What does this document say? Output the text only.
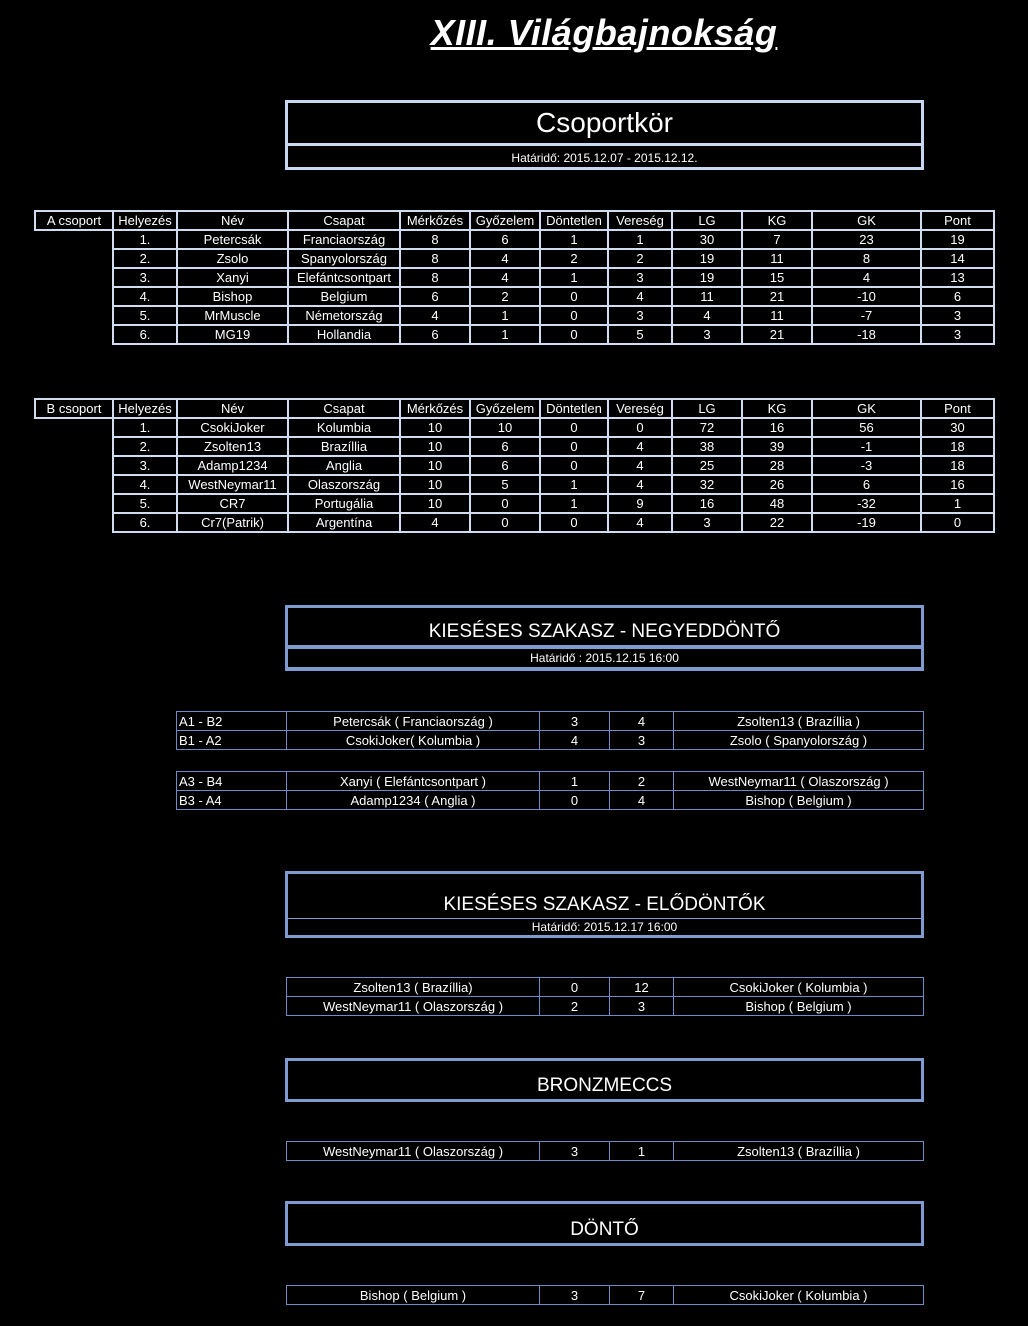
XIII. Világbajnokság
Csoportkör
Határidő: 2015.12.07 - 2015.12.12.
A csoport	Helyezés	Név	Csapat	Mérkőzés	Győzelem	Döntetlen	Vereség	LG	KG	GK	Pont
	1.	Petercsák	Franciaország	8	6	1	1	30	7	23	19
	2.	Zsolo	Spanyolország	8	4	2	2	19	11	8	14
	3.	Xanyi	Elefántcsontpart	8	4	1	3	19	15	4	13
	4.	Bishop	Belgium	6	2	0	4	11	21	-10	6
	5.	MrMuscle	Németország	4	1	0	3	4	11	-7	3
	6.	MG19	Hollandia	6	1	0	5	3	21	-18	3
B csoport	Helyezés	Név	Csapat	Mérkőzés	Győzelem	Döntetlen	Vereség	LG	KG	GK	Pont
	1.	CsokiJoker	Kolumbia	10	10	0	0	72	16	56	30
	2.	Zsolten13	Brazíllia	10	6	0	4	38	39	-1	18
	3.	Adamp1234	Anglia	10	6	0	4	25	28	-3	18
	4.	WestNeymar11	Olaszország	10	5	1	4	32	26	6	16
	5.	CR7	Portugália	10	0	1	9	16	48	-32	1
	6.	Cr7(Patrik)	Argentína	4	0	0	4	3	22	-19	0
KIESÉSES SZAKASZ - NEGYEDDÖNTŐ
Határidő : 2015.12.15 16:00
A1 - B2	Petercsák ( Franciaország )	3	4	Zsolten13 ( Brazíllia )
B1 - A2	CsokiJoker( Kolumbia )	4	3	Zsolo ( Spanyolország )
A3 - B4	Xanyi ( Elefántcsontpart )	1	2	WestNeymar11 ( Olaszország )
B3 - A4	Adamp1234 ( Anglia )	0	4	Bishop ( Belgium )
KIESÉSES SZAKASZ - ELŐDÖNTŐK
Határidő: 2015.12.17 16:00
Zsolten13 ( Brazíllia)	0	12	CsokiJoker ( Kolumbia )
WestNeymar11 ( Olaszország )	2	3	Bishop ( Belgium )
BRONZMECCS
WestNeymar11 ( Olaszország )	3	1	Zsolten13 ( Brazíllia )
DÖNTŐ
Bishop ( Belgium )	3	7	CsokiJoker ( Kolumbia )
